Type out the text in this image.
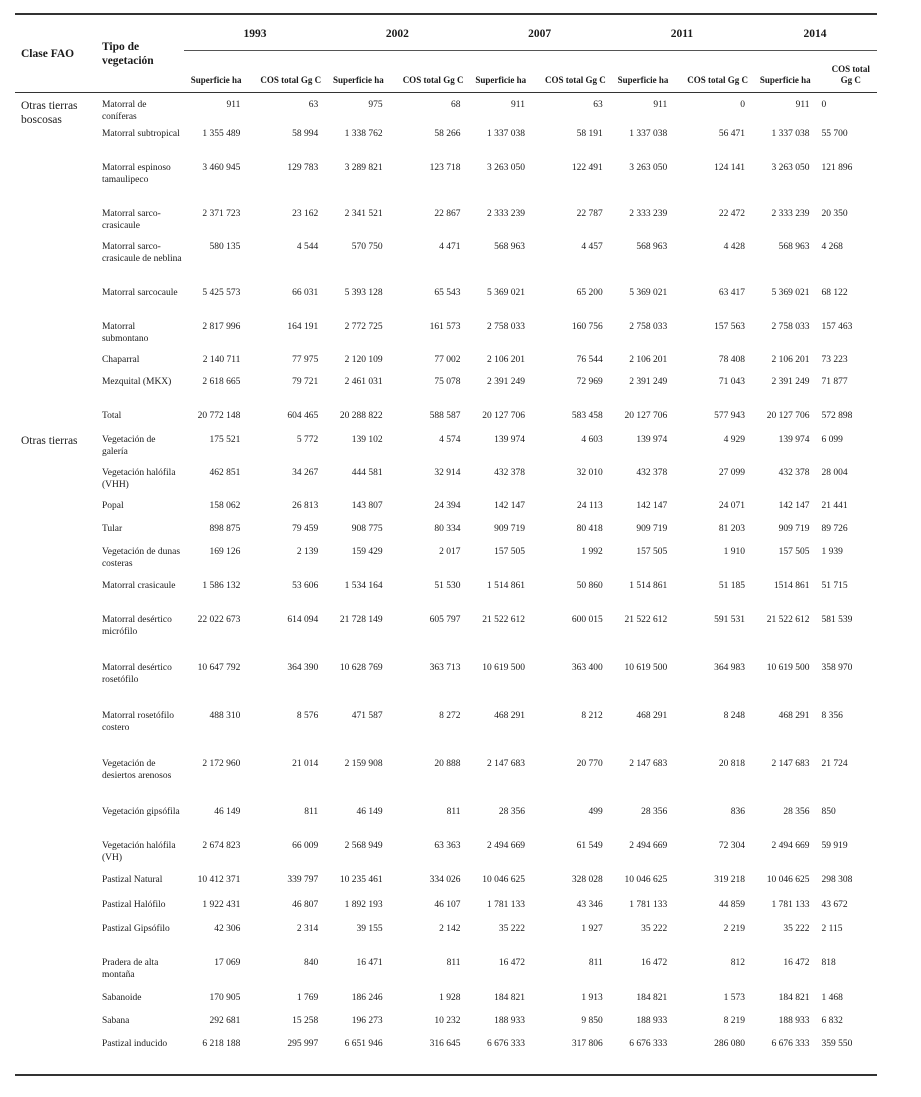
Clase FAO	Tipo de vegetación	1993		2002		2007		2011		2014	
		Superficie ha	COS total Gg C	Superficie ha	COS total Gg C	Superficie ha	COS total Gg C	Superficie ha	COS total Gg C	Superficie ha	COS total Gg C
Otras tierras boscosas	Matorral de coníferas	911	63	975	68	911	63	911	0	911	0
	Matorral subtropical	1 355 489	58 994	1 338 762	58 266	1 337 038	58 191	1 337 038	56 471	1 337 038	55 700
	Matorral espinoso tamaulipeco	3 460 945	129 783	3 289 821	123 718	3 263 050	122 491	3 263 050	124 141	3 263 050	121 896
	Matorral sarco-crasicaule	2 371 723	23 162	2 341 521	22 867	2 333 239	22 787	2 333 239	22 472	2 333 239	20 350
	Matorral sarco-crasicaule de neblina	580 135	4 544	570 750	4 471	568 963	4 457	568 963	4 428	568 963	4 268
	Matorral sarcocaule	5 425 573	66 031	5 393 128	65 543	5 369 021	65 200	5 369 021	63 417	5 369 021	68 122
	Matorral submontano	2 817 996	164 191	2 772 725	161 573	2 758 033	160 756	2 758 033	157 563	2 758 033	157 463
	Chaparral	2 140 711	77 975	2 120 109	77 002	2 106 201	76 544	2 106 201	78 408	2 106 201	73 223
	Mezquital (MKX)	2 618 665	79 721	2 461 031	75 078	2 391 249	72 969	2 391 249	71 043	2 391 249	71 877
	Total	20 772 148	604 465	20 288 822	588 587	20 127 706	583 458	20 127 706	577 943	20 127 706	572 898
Otras tierras	Vegetación de galería	175 521	5 772	139 102	4 574	139 974	4 603	139 974	4 929	139 974	6 099
	Vegetación halófila (VHH)	462 851	34 267	444 581	32 914	432 378	32 010	432 378	27 099	432 378	28 004
	Popal	158 062	26 813	143 807	24 394	142 147	24 113	142 147	24 071	142 147	21 441
	Tular	898 875	79 459	908 775	80 334	909 719	80 418	909 719	81 203	909 719	89 726
	Vegetación de dunas costeras	169 126	2 139	159 429	2 017	157 505	1 992	157 505	1 910	157 505	1 939
	Matorral crasicaule	1 586 132	53 606	1 534 164	51 530	1 514 861	50 860	1 514 861	51 185	1514 861	51 715
	Matorral desértico micrófilo	22 022 673	614 094	21 728 149	605 797	21 522 612	600 015	21 522 612	591 531	21 522 612	581 539
	Matorral desértico rosetófilo	10 647 792	364 390	10 628 769	363 713	10 619 500	363 400	10 619 500	364 983	10 619 500	358 970
	Matorral rosetófilo costero	488 310	8 576	471 587	8 272	468 291	8 212	468 291	8 248	468 291	8 356
	Vegetación de desiertos arenosos	2 172 960	21 014	2 159 908	20 888	2 147 683	20 770	2 147 683	20 818	2 147 683	21 724
	Vegetación gipsófila	46 149	811	46 149	811	28 356	499	28 356	836	28 356	850
	Vegetación halófila (VH)	2 674 823	66 009	2 568 949	63 363	2 494 669	61 549	2 494 669	72 304	2 494 669	59 919
	Pastizal Natural	10 412 371	339 797	10 235 461	334 026	10 046 625	328 028	10 046 625	319 218	10 046 625	298 308
	Pastizal Halófilo	1 922 431	46 807	1 892 193	46 107	1 781 133	43 346	1 781 133	44 859	1 781 133	43 672
	Pastizal Gipsófilo	42 306	2 314	39 155	2 142	35 222	1 927	35 222	2 219	35 222	2 115
	Pradera de alta montaña	17 069	840	16 471	811	16 472	811	16 472	812	16 472	818
	Sabanoide	170 905	1 769	186 246	1 928	184 821	1 913	184 821	1 573	184 821	1 468
	Sabana	292 681	15 258	196 273	10 232	188 933	9 850	188 933	8 219	188 933	6 832
	Pastizal inducido	6 218 188	295 997	6 651 946	316 645	6 676 333	317 806	6 676 333	286 080	6 676 333	359 550
